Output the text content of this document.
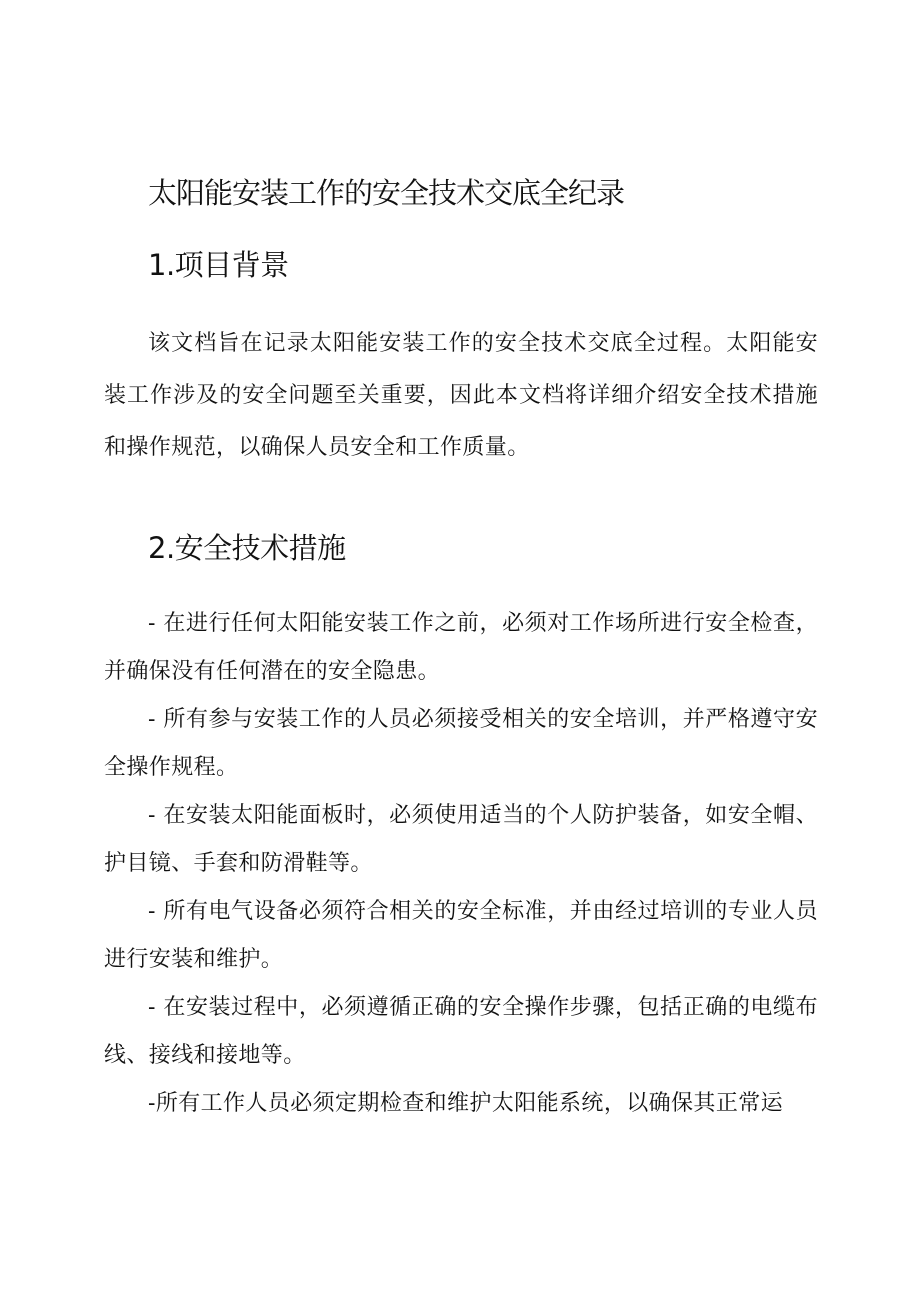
太阳能安装工作的安全技术交底全纪录
1.项目背景

该文档旨在记录太阳能安装工作的安全技术交底全过程。太阳能安装工作涉及的安全问题至关重要，因此本文档将详细介绍安全技术措施和操作规范，以确保人员安全和工作质量。

2.安全技术措施
- 在进行任何太阳能安装工作之前，必须对工作场所进行安全检查，并确保没有任何潜在的安全隐患。
- 所有参与安装工作的人员必须接受相关的安全培训，并严格遵守安全操作规程。
- 在安装太阳能面板时，必须使用适当的个人防护装备，如安全帽、护目镜、手套和防滑鞋等。
- 所有电气设备必须符合相关的安全标准，并由经过培训的专业人员进行安装和维护。
- 在安装过程中，必须遵循正确的安全操作步骤，包括正确的电缆布线、接线和接地等。
-所有工作人员必须定期检查和维护太阳能系统，以确保其正常运
